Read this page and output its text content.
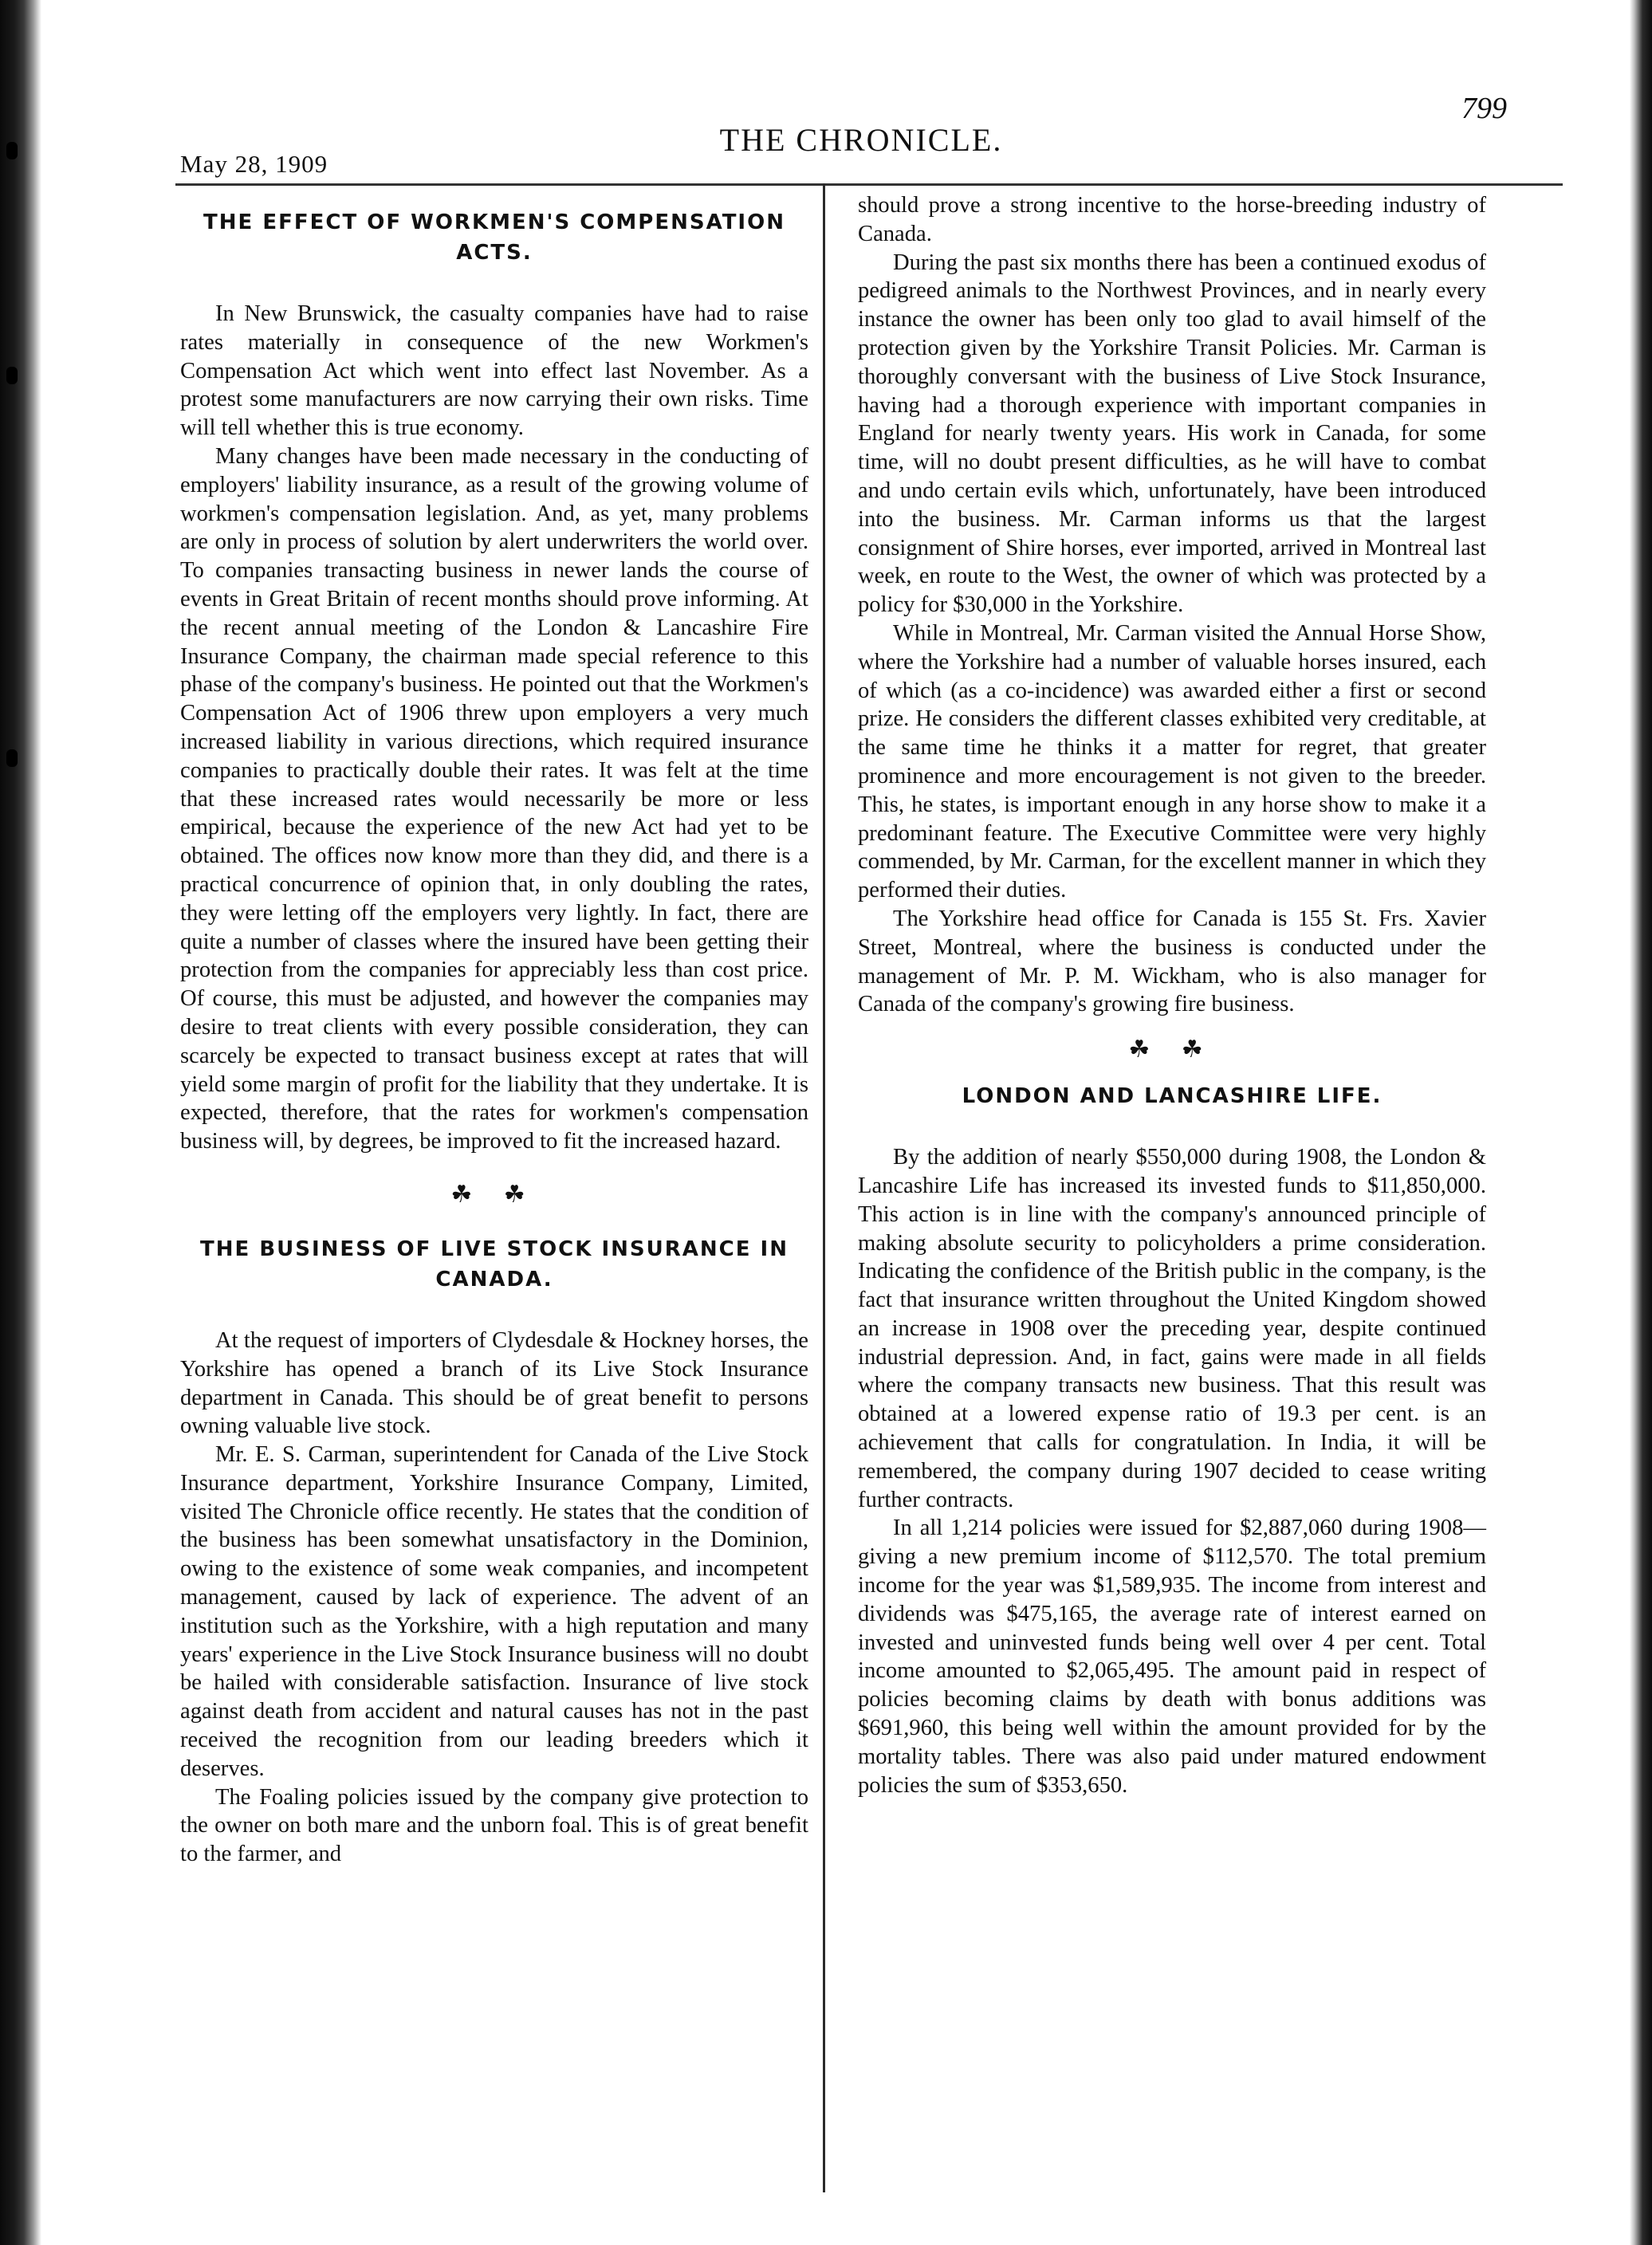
May 28, 1909
THE CHRONICLE.
799
THE EFFECT OF WORKMEN'S COMPENSATION
ACTS.

In New Brunswick, the casualty companies have had to raise rates materially in consequence of the new Workmen's Compensation Act which went into effect last November. As a protest some manufacturers are now carrying their own risks. Time will tell whether this is true economy.

Many changes have been made necessary in the conducting of employers' liability insurance, as a result of the growing volume of workmen's compensation legislation. And, as yet, many problems are only in process of solution by alert underwriters the world over. To companies transacting business in newer lands the course of events in Great Britain of recent months should prove informing. At the recent annual meeting of the London & Lancashire Fire Insurance Company, the chairman made special reference to this phase of the company's business. He pointed out that the Workmen's Compensation Act of 1906 threw upon employers a very much increased liability in various directions, which required insurance companies to practically double their rates. It was felt at the time that these increased rates would necessarily be more or less empirical, because the experience of the new Act had yet to be obtained. The offices now know more than they did, and there is a practical concurrence of opinion that, in only doubling the rates, they were letting off the employers very lightly. In fact, there are quite a number of classes where the insured have been getting their protection from the companies for appreciably less than cost price. Of course, this must be adjusted, and however the companies may desire to treat clients with every possible consideration, they can scarcely be expected to transact business except at rates that will yield some margin of profit for the liability that they undertake. It is expected, therefore, that the rates for workmen's compensation business will, by degrees, be improved to fit the increased hazard.

☘ ☘
THE BUSINESS OF LIVE STOCK INSURANCE IN
CANADA.

At the request of importers of Clydesdale & Hockney horses, the Yorkshire has opened a branch of its Live Stock Insurance department in Canada. This should be of great benefit to persons owning valuable live stock.

Mr. E. S. Carman, superintendent for Canada of the Live Stock Insurance department, Yorkshire Insurance Company, Limited, visited The Chronicle office recently. He states that the condition of the business has been somewhat unsatisfactory in the Dominion, owing to the existence of some weak companies, and incompetent management, caused by lack of experience. The advent of an institution such as the Yorkshire, with a high reputation and many years' experience in the Live Stock Insurance business will no doubt be hailed with considerable satisfaction. Insurance of live stock against death from accident and natural causes has not in the past received the recognition from our leading breeders which it deserves.

The Foaling policies issued by the company give protection to the owner on both mare and the unborn foal. This is of great benefit to the farmer, and

should prove a strong incentive to the horse-breeding industry of Canada.

During the past six months there has been a continued exodus of pedigreed animals to the Northwest Provinces, and in nearly every instance the owner has been only too glad to avail himself of the protection given by the Yorkshire Transit Policies. Mr. Carman is thoroughly conversant with the business of Live Stock Insurance, having had a thorough experience with important companies in England for nearly twenty years. His work in Canada, for some time, will no doubt present difficulties, as he will have to combat and undo certain evils which, unfortunately, have been introduced into the business. Mr. Carman informs us that the largest consignment of Shire horses, ever imported, arrived in Montreal last week, en route to the West, the owner of which was protected by a policy for $30,000 in the Yorkshire.

While in Montreal, Mr. Carman visited the Annual Horse Show, where the Yorkshire had a number of valuable horses insured, each of which (as a co-incidence) was awarded either a first or second prize. He considers the different classes exhibited very creditable, at the same time he thinks it a matter for regret, that greater prominence and more encouragement is not given to the breeder. This, he states, is important enough in any horse show to make it a predominant feature. The Executive Committee were very highly commended, by Mr. Carman, for the excellent manner in which they performed their duties.

The Yorkshire head office for Canada is 155 St. Frs. Xavier Street, Montreal, where the business is conducted under the management of Mr. P. M. Wickham, who is also manager for Canada of the company's growing fire business.

☘ ☘
LONDON AND LANCASHIRE LIFE.

By the addition of nearly $550,000 during 1908, the London & Lancashire Life has increased its invested funds to $11,850,000. This action is in line with the company's announced principle of making absolute security to policyholders a prime consideration. Indicating the confidence of the British public in the company, is the fact that insurance written throughout the United Kingdom showed an increase in 1908 over the preceding year, despite continued industrial depression. And, in fact, gains were made in all fields where the company transacts new business. That this result was obtained at a lowered expense ratio of 19.3 per cent. is an achievement that calls for congratulation. In India, it will be remembered, the company during 1907 decided to cease writing further contracts.

In all 1,214 policies were issued for $2,887,060 during 1908—giving a new premium income of $112,570. The total premium income for the year was $1,589,935. The income from interest and dividends was $475,165, the average rate of interest earned on invested and uninvested funds being well over 4 per cent. Total income amounted to $2,065,495. The amount paid in respect of policies becoming claims by death with bonus additions was $691,960, this being well within the amount provided for by the mortality tables. There was also paid under matured endowment policies the sum of $353,650.
